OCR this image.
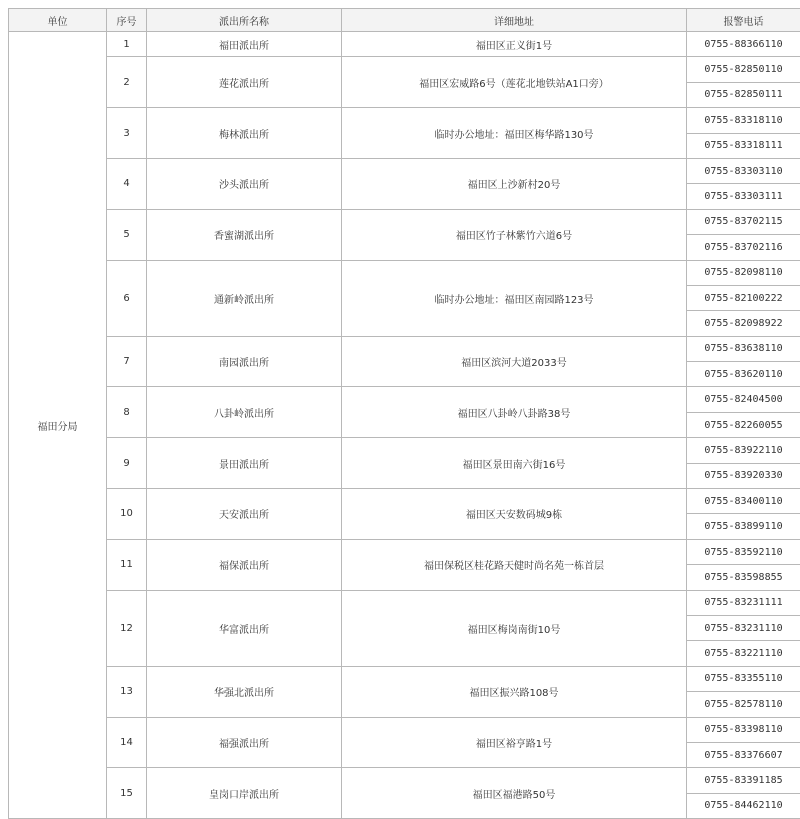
单位	序号	派出所名称	详细地址	报警电话
福田分局	1	福田派出所	福田区正义街1号	0755-88366110
	2	莲花派出所	福田区宏威路6号（莲花北地铁站A1口旁）	0755-82850110
				0755-82850111
	3	梅林派出所	临时办公地址：福田区梅华路130号	0755-83318110
				0755-83318111
	4	沙头派出所	福田区上沙新村20号	0755-83303110
				0755-83303111
	5	香蜜湖派出所	福田区竹子林紫竹六道6号	0755-83702115
				0755-83702116
	6	通新岭派出所	临时办公地址：福田区南园路123号	0755-82098110
				0755-82100222
				0755-82098922
	7	南园派出所	福田区滨河大道2033号	0755-83638110
				0755-83620110
	8	八卦岭派出所	福田区八卦岭八卦路38号	0755-82404500
				0755-82260055
	9	景田派出所	福田区景田南六街16号	0755-83922110
				0755-83920330
	10	天安派出所	福田区天安数码城9栋	0755-83400110
				0755-83899110
	11	福保派出所	福田保税区桂花路天健时尚名苑一栋首层	0755-83592110
				0755-83598855
	12	华富派出所	福田区梅岗南街10号	0755-83231111
				0755-83231110
				0755-83221110
	13	华强北派出所	福田区振兴路108号	0755-83355110
				0755-82578110
	14	福强派出所	福田区裕亨路1号	0755-83398110
				0755-83376607
	15	皇岗口岸派出所	福田区福港路50号	0755-83391185
				0755-84462110
